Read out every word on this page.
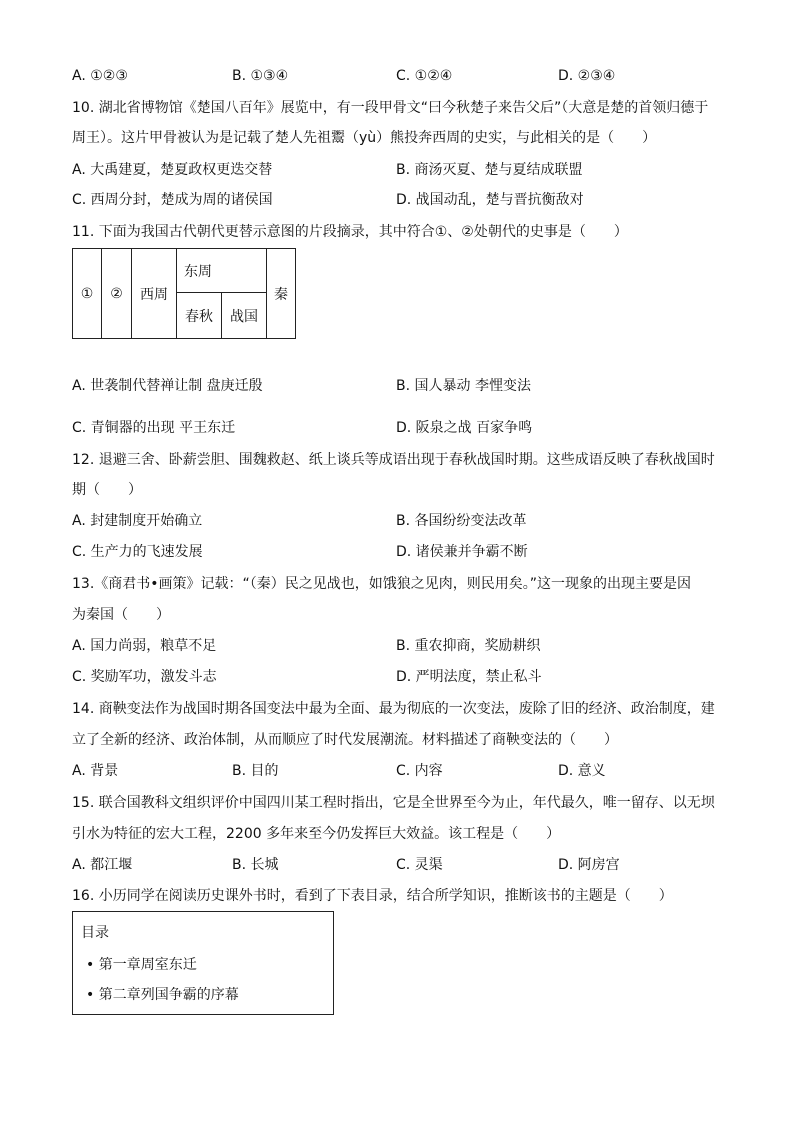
A. ①②③	B. ①③④	C. ①②④	D. ②③④
10. 湖北省博物馆《楚国八百年》展览中，有一段甲骨文“曰今秋楚子来告父后”（大意是楚的首领归德于
周王）。这片甲骨被认为是记载了楚人先祖鬻（yù）熊投奔西周的史实，与此相关的是（　　）
A. 大禹建夏，楚夏政权更迭交替	B. 商汤灭夏、楚与夏结成联盟
C. 西周分封，楚成为周的诸侯国	D. 战国动乱，楚与晋抗衡敌对
11. 下面为我国古代朝代更替示意图的片段摘录，其中符合①、②处朝代的史事是（　　）
①	②	西周	东周		秦
			春秋	战国	
A. 世袭制代替禅让制 盘庚迁殷	B. 国人暴动 李悝变法
C. 青铜器的出现 平王东迁	D. 阪泉之战 百家争鸣
12. 退避三舍、卧薪尝胆、围魏救赵、纸上谈兵等成语出现于春秋战国时期。这些成语反映了春秋战国时
期（　　）
A. 封建制度开始确立	B. 各国纷纷变法改革
C. 生产力的飞速发展	D. 诸侯兼并争霸不断
13.《商君书•画策》记载：“（秦）民之见战也，如饿狼之见肉，则民用矣。”这一现象的出现主要是因
为秦国（　　）
A. 国力尚弱，粮草不足	B. 重农抑商，奖励耕织
C. 奖励军功，激发斗志	D. 严明法度，禁止私斗
14. 商鞅变法作为战国时期各国变法中最为全面、最为彻底的一次变法，废除了旧的经济、政治制度，建
立了全新的经济、政治体制，从而顺应了时代发展潮流。材料描述了商鞅变法的（　　）
A. 背景	B. 目的	C. 内容	D. 意义
15. 联合国教科文组织评价中国四川某工程时指出，它是全世界至今为止，年代最久，唯一留存、以无坝
引水为特征的宏大工程，2200 多年来至今仍发挥巨大效益。该工程是（　　）
A. 都江堰	B. 长城	C. 灵渠	D. 阿房宫
16. 小历同学在阅读历史课外书时，看到了下表目录，结合所学知识，推断该书的主题是（　　）
目录
• 第一章周室东迁
• 第二章列国争霸的序幕
